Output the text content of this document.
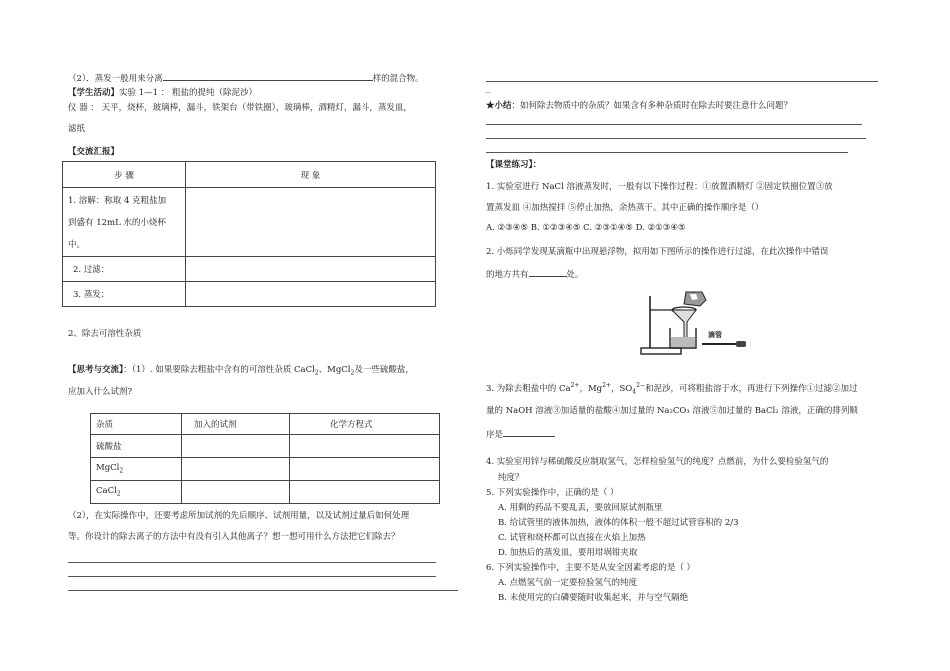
（2）．蒸发一般用来分离	样的混合物。
【学生活动】实验 1—1 ： 粗盐的提纯（除泥沙）
仪 器 ： 天平，烧杯，玻璃棒，漏斗，铁架台（带铁圈），玻璃棒，酒精灯，漏斗，蒸发皿，
滤纸
【交流汇报】
步 骤	现 象

1. 溶解：称取 4 克粗盐加
到盛有 12mL 水的小烧杯
中。	

2. 过滤：	
3. 蒸发：	
2、除去可溶性杂质
【思考与交流】：（1）. 如果要除去粗盐中含有的可溶性杂质 CaCl$_2$、MgCl$_2$及一些硫酸盐，
应加入什么试剂?
杂质	加入的试剂	化学方程式
硫酸盐		
MgCl$_2$		
CaCl$_2$		
（2），在实际操作中，还要考虑所加试剂的先后顺序、试剂用量，以及试剂过量后如何处理
等。你设计的除去离子的方法中有没有引入其他离子？想一想可用什么方法把它们除去？
_
★小结：如何除去物质中的杂质？如果含有多种杂质时在除去时要注意什么问题？
【课堂练习】：
1. 实验室进行 NaCl 溶液蒸发时，一般有以下操作过程：①放置酒精灯 ②固定铁圈位置③放
置蒸发皿 ④加热搅拌 ⑤停止加热，余热蒸干。其中正确的操作顺序是（）
A. ②③④⑤ B. ①②③④⑤ C. ②③①④⑤ D. ②①③④⑤
2. 小烁同学发现某滴瓶中出现悬浮物，拟用如下图所示的操作进行过滤，在此次操作中错误
的地方共有	处。
滴管
3. 为除去粗盐中的 $Ca^{2+}$，$Mg^{2+}$，$SO_4^{2-}$和泥沙，可将粗盐溶于水，再进行下列操作①过滤②加过
量的 NaOH 溶液③加适量的盐酸④加过量的 Na₂CO₃ 溶液⑤加过量的 BaCl₂ 溶液，正确的排列顺
序是
4. 实验室用锌与稀硫酸反应制取氢气，怎样检验氢气的纯度？点燃前，为什么要检验氢气的
纯度？
5. 下列实验操作中，正确的是（ ）
A. 用剩的药品不要乱丢，要放回原试剂瓶里
B. 给试管里的液体加热，液体的体积一般不超过试管容积的 2/3
C. 试管和烧杯都可以直接在火焰上加热
D. 加热后的蒸发皿，要用坩埚钳夹取
6. 下列实验操作中，主要不是从安全因素考虑的是（ ）
A. 点燃氢气前一定要检验氢气的纯度
B. 未使用完的白磷要随时收集起来，并与空气隔绝
